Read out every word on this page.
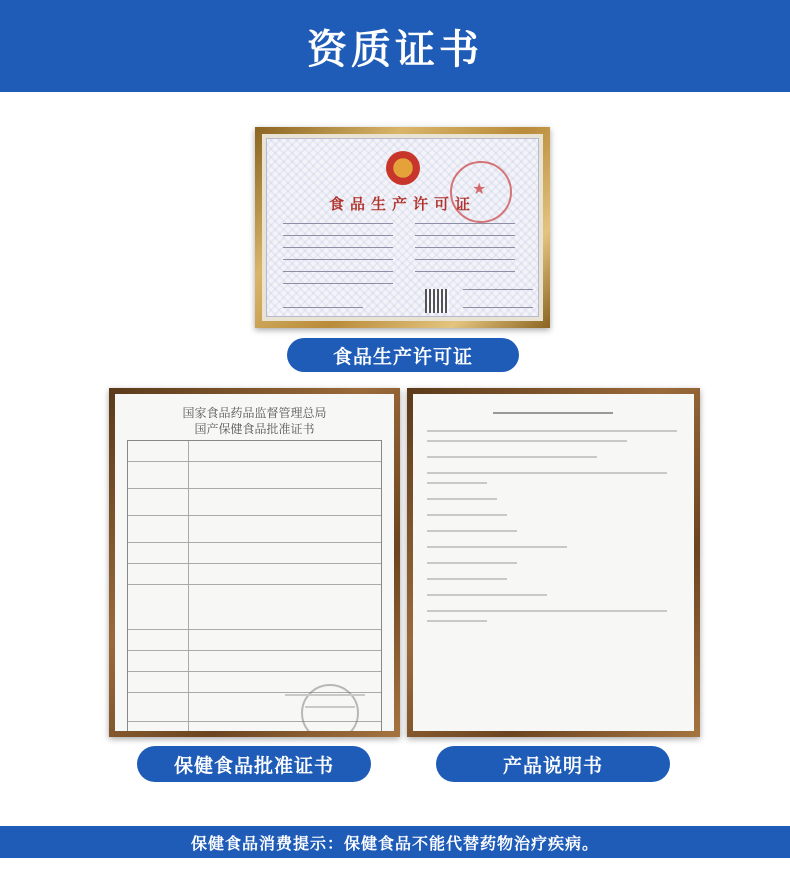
资质证书
★
食品生产许可证
食品生产许可证
国家食品药品监督管理总局
国产保健食品批准证书
保健食品批准证书	产品说明书
保健食品消费提示：保健食品不能代替药物治疗疾病。
